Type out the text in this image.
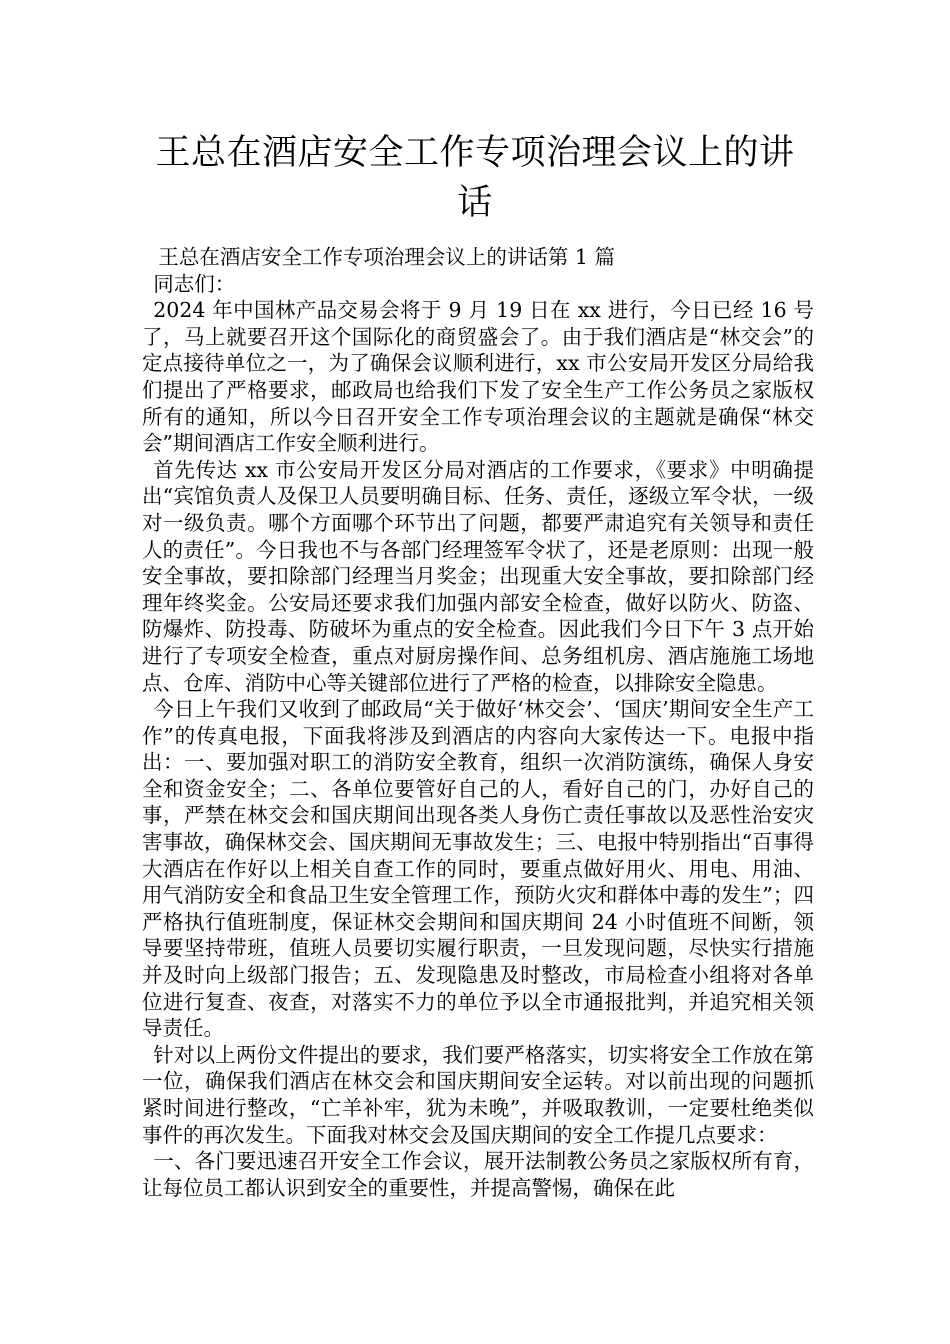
王总在酒店安全工作专项治理会议上的讲话

王总在酒店安全工作专项治理会议上的讲话第 1 篇

同志们：

2024 年中国林产品交易会将于 9 月 19 日在 xx 进行，今日已经 16 号了，马上就要召开这个国际化的商贸盛会了。由于我们酒店是“林交会”的定点接待单位之一，为了确保会议顺利进行，xx 市公安局开发区分局给我们提出了严格要求，邮政局也给我们下发了安全生产工作公务员之家版权所有的通知，所以今日召开安全工作专项治理会议的主题就是确保“林交会”期间酒店工作安全顺利进行。

首先传达 xx 市公安局开发区分局对酒店的工作要求，《要求》中明确提出“宾馆负责人及保卫人员要明确目标、任务、责任，逐级立军令状，一级对一级负责。哪个方面哪个环节出了问题，都要严肃追究有关领导和责任人的责任”。今日我也不与各部门经理签军令状了，还是老原则：出现一般安全事故，要扣除部门经理当月奖金；出现重大安全事故，要扣除部门经理年终奖金。公安局还要求我们加强内部安全检查，做好以防火、防盗、防爆炸、防投毒、防破坏为重点的安全检查。因此我们今日下午 3 点开始进行了专项安全检查，重点对厨房操作间、总务组机房、酒店施施工场地点、仓库、消防中心等关键部位进行了严格的检查，以排除安全隐患。

今日上午我们又收到了邮政局“关于做好‘林交会’、‘国庆’期间安全生产工作”的传真电报，下面我将涉及到酒店的内容向大家传达一下。电报中指出：一、要加强对职工的消防安全教育，组织一次消防演练，确保人身安全和资金安全；二、各单位要管好自己的人，看好自己的门，办好自己的事，严禁在林交会和国庆期间出现各类人身伤亡责任事故以及恶性治安灾害事故，确保林交会、国庆期间无事故发生；三、电报中特别指出“百事得大酒店在作好以上相关自查工作的同时，要重点做好用火、用电、用油、用气消防安全和食品卫生安全管理工作，预防火灾和群体中毒的发生”；四严格执行值班制度，保证林交会期间和国庆期间 24 小时值班不间断，领导要坚持带班，值班人员要切实履行职责，一旦发现问题，尽快实行措施并及时向上级部门报告；五、发现隐患及时整改，市局检查小组将对各单位进行复查、夜查，对落实不力的单位予以全市通报批判，并追究相关领导责任。

针对以上两份文件提出的要求，我们要严格落实，切实将安全工作放在第一位，确保我们酒店在林交会和国庆期间安全运转。对以前出现的问题抓紧时间进行整改，“亡羊补牢，犹为未晚”，并吸取教训，一定要杜绝类似事件的再次发生。下面我对林交会及国庆期间的安全工作提几点要求：

一、各门要迅速召开安全工作会议，展开法制教公务员之家版权所有育，让每位员工都认识到安全的重要性，并提高警惕，确保在此
